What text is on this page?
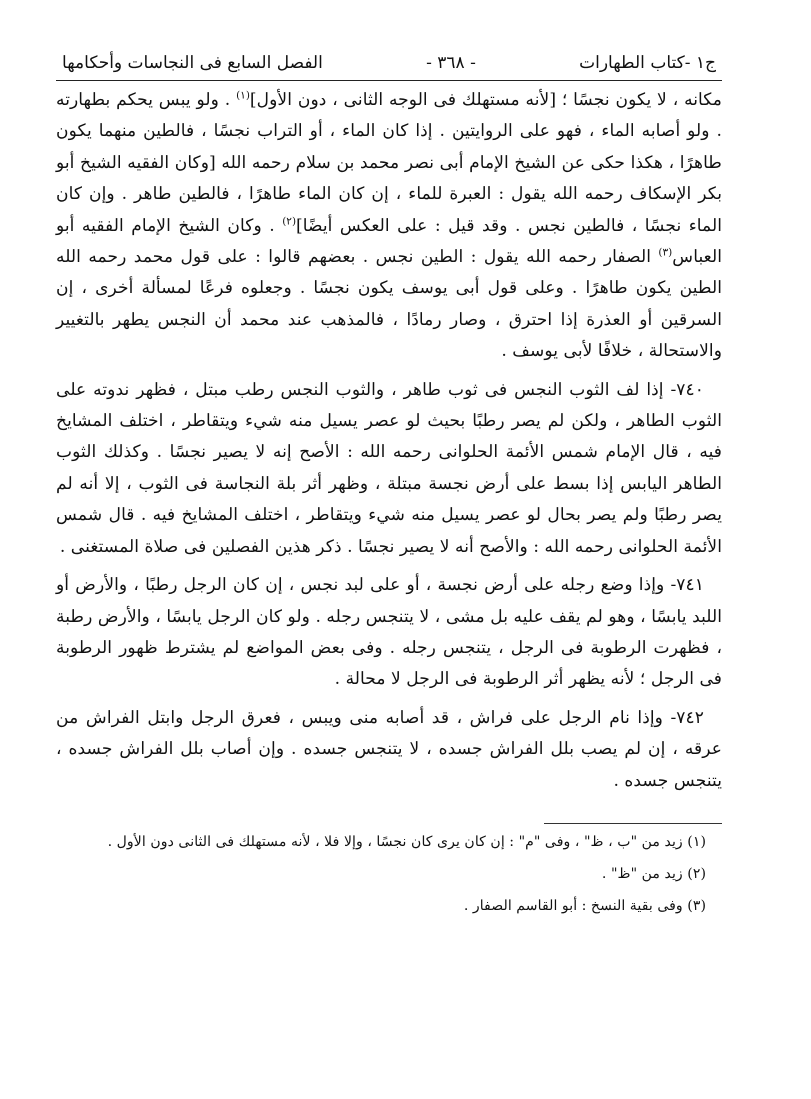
ج١ -كتاب الطهارات
- ٣٦٨ -
الفصل السابع فى النجاسات وأحكامها

مكانه ، لا يكون نجسًا ؛ [لأنه مستهلك فى الوجه الثانى ، دون الأول]$^{(١)}$ . ولو يبس يحكم بطهارته . ولو أصابه الماء ، فهو على الروايتين . إذا كان الماء ، أو التراب نجسًا ، فالطين منهما يكون طاهرًا ، هكذا حكى عن الشيخ الإمام أبى نصر محمد بن سلام رحمه الله [وكان الفقيه الشيخ أبو بكر الإسكاف رحمه الله يقول : العبرة للماء ، إن كان الماء طاهرًا ، فالطين طاهر . وإن كان الماء نجسًا ، فالطين نجس . وقد قيل : على العكس أيضًا]$^{(٢)}$ . وكان الشيخ الإمام الفقيه أبو العباس$^{(٣)}$ الصفار رحمه الله يقول : الطين نجس . بعضهم قالوا : على قول محمد رحمه الله الطين يكون طاهرًا . وعلى قول أبى يوسف يكون نجسًا . وجعلوه فرعًا لمسألة أخرى ، إن السرقين أو العذرة إذا احترق ، وصار رمادًا ، فالمذهب عند محمد أن النجس يطهر بالتغيير والاستحالة ، خلافًا لأبى يوسف .

٧٤٠- إذا لف الثوب النجس فى ثوب طاهر ، والثوب النجس رطب مبتل ، فظهر ندوته على الثوب الطاهر ، ولكن لم يصر رطبًا بحيث لو عصر يسيل منه شيء ويتقاطر ، اختلف المشايخ فيه ، قال الإمام شمس الأئمة الحلوانى رحمه الله : الأصح إنه لا يصير نجسًا . وكذلك الثوب الطاهر اليابس إذا بسط على أرض نجسة مبتلة ، وظهر أثر بلة النجاسة فى الثوب ، إلا أنه لم يصر رطبًا ولم يصر بحال لو عصر يسيل منه شيء ويتقاطر ، اختلف المشايخ فيه . قال شمس الأئمة الحلوانى رحمه الله : والأصح أنه لا يصير نجسًا . ذكر هذين الفصلين فى صلاة المستغنى .

٧٤١- وإذا وضع رجله على أرض نجسة ، أو على لبد نجس ، إن كان الرجل رطبًا ، والأرض أو اللبد يابسًا ، وهو لم يقف عليه بل مشى ، لا يتنجس رجله . ولو كان الرجل يابسًا ، والأرض رطبة ، فظهرت الرطوبة فى الرجل ، يتنجس رجله . وفى بعض المواضع لم يشترط ظهور الرطوبة فى الرجل ؛ لأنه يظهر أثر الرطوبة فى الرجل لا محالة .

٧٤٢- وإذا نام الرجل على فراش ، قد أصابه منى ويبس ، فعرق الرجل وابتل الفراش من عرقه ، إن لم يصب بلل الفراش جسده ، لا يتنجس جسده . وإن أصاب بلل الفراش جسده ، يتنجس جسده .

(١) زيد من "ب ، ظ" ، وفى "م" : إن كان يرى كان نجسًا ، وإلا فلا ، لأنه مستهلك فى الثانى دون الأول .

(٢) زيد من "ظ" .

(٣) وفى بقية النسخ : أبو القاسم الصفار .
